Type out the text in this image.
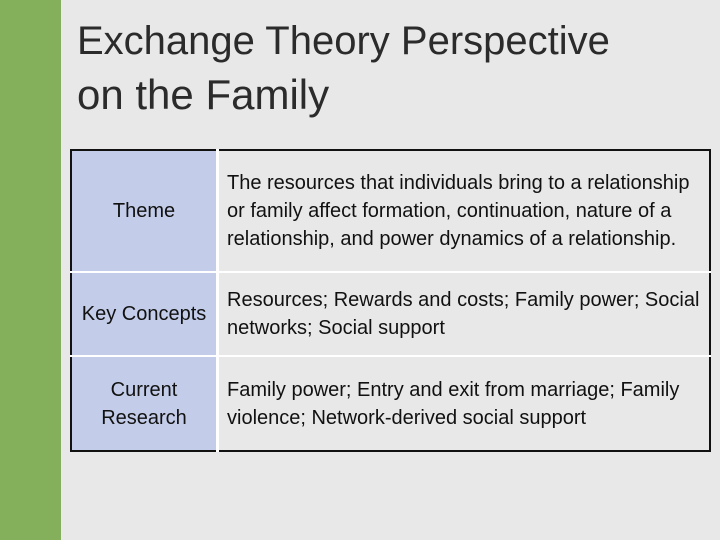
Exchange Theory Perspective
on the Family
Theme	The resources that individuals bring to a relationship or family affect formation, continuation, nature of a relationship, and power dynamics of a relationship.
Key Concepts	Resources; Rewards and costs; Family power; Social networks; Social support
Current Research	Family power; Entry and exit from marriage; Family violence; Network-derived social support
